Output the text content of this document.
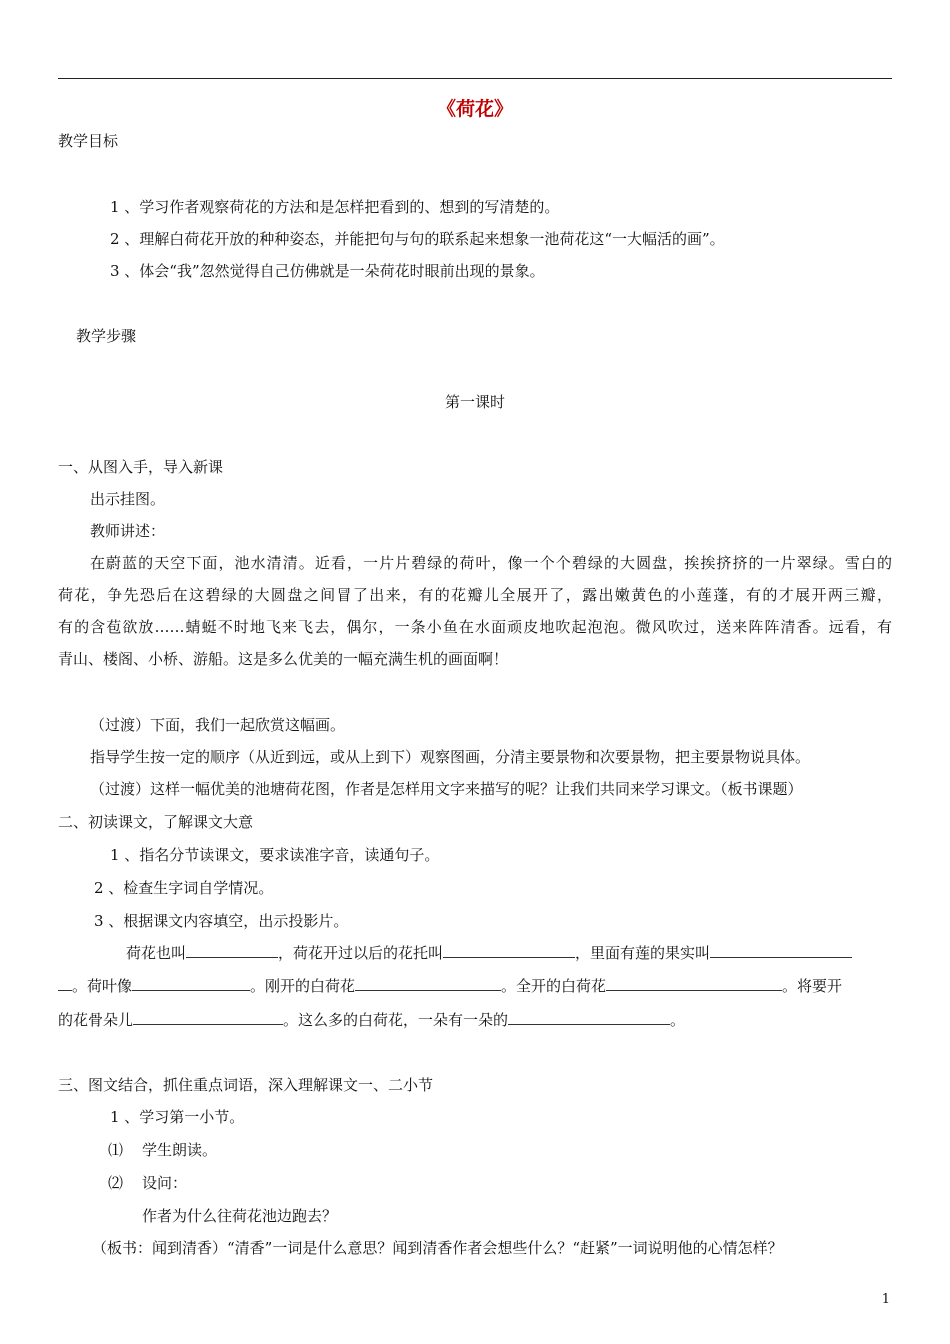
《荷花》
教学目标
1 、学习作者观察荷花的方法和是怎样把看到的、想到的写清楚的。
2 、理解白荷花开放的种种姿态，并能把句与句的联系起来想象一池荷花这“一大幅活的画”。
3 、体会“我”忽然觉得自己仿佛就是一朵荷花时眼前出现的景象。
教学步骤
第一课时
一、从图入手，导入新课
出示挂图。
教师讲述：
在蔚蓝的天空下面，池水清清。近看，一片片碧绿的荷叶，像一个个碧绿的大圆盘，挨挨挤挤的一片翠绿。雪白的
荷花，争先恐后在这碧绿的大圆盘之间冒了出来，有的花瓣儿全展开了，露出嫩黄色的小莲蓬，有的才展开两三瓣，
有的含苞欲放……蜻蜓不时地飞来飞去，偶尔，一条小鱼在水面顽皮地吹起泡泡。微风吹过，送来阵阵清香。远看，有
青山、楼阁、小桥、游船。这是多么优美的一幅充满生机的画面啊！
（过渡）下面，我们一起欣赏这幅画。
指导学生按一定的顺序（从近到远，或从上到下）观察图画，分清主要景物和次要景物，把主要景物说具体。
（过渡）这样一幅优美的池塘荷花图，作者是怎样用文字来描写的呢？让我们共同来学习课文。（板书课题）
二、初读课文，了解课文大意
1 、指名分节读课文，要求读准字音，读通句子。
2 、检查生字词自学情况。
3 、根据课文内容填空，出示投影片。
荷花也叫	，荷花开过以后的花托叫	，里面有莲的果实叫
。荷叶像	。刚开的白荷花	。全开的白荷花	。将要开
的花骨朵儿	。这么多的白荷花，一朵有一朵的	。
三、图文结合，抓住重点词语，深入理解课文一、二小节
1 、学习第一小节。
⑴ 学生朗读。
⑵ 设问：
作者为什么往荷花池边跑去？
（板书：闻到清香）“清香”一词是什么意思？闻到清香作者会想些什么？“赶紧”一词说明他的心情怎样？
1
